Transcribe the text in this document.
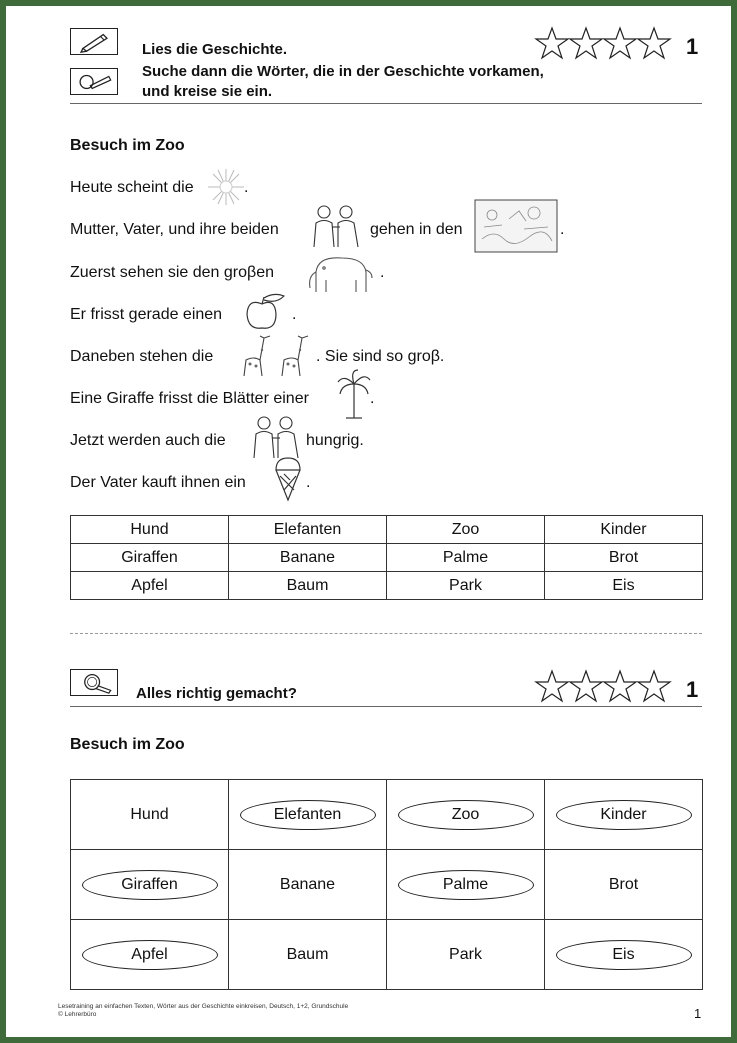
Lies die Geschichte.
Suche dann die Wörter, die in der Geschichte vorkamen,
und kreise sie ein.
1
Besuch im Zoo
Heute scheint die	.
Mutter, Vater, und ihre beiden	gehen in den	.
Zuerst sehen sie den groβen	.
Er frisst gerade einen	.
Daneben stehen die	. Sie sind so groβ.
Eine Giraffe frisst die Blätter einer	.
Jetzt werden auch die	hungrig.
Der Vater kauft ihnen ein	.
Hund	Elefanten	Zoo	Kinder
Giraffen	Banane	Palme	Brot
Apfel	Baum	Park	Eis
Alles richtig gemacht?	1
Besuch im Zoo
Hund	Elefanten	Zoo	Kinder
Giraffen	Banane	Palme	Brot
Apfel	Baum	Park	Eis
Lesetraining an einfachen Texten, Wörter aus der Geschichte einkreisen, Deutsch, 1+2, Grundschule
© Lehrerbüro	1
